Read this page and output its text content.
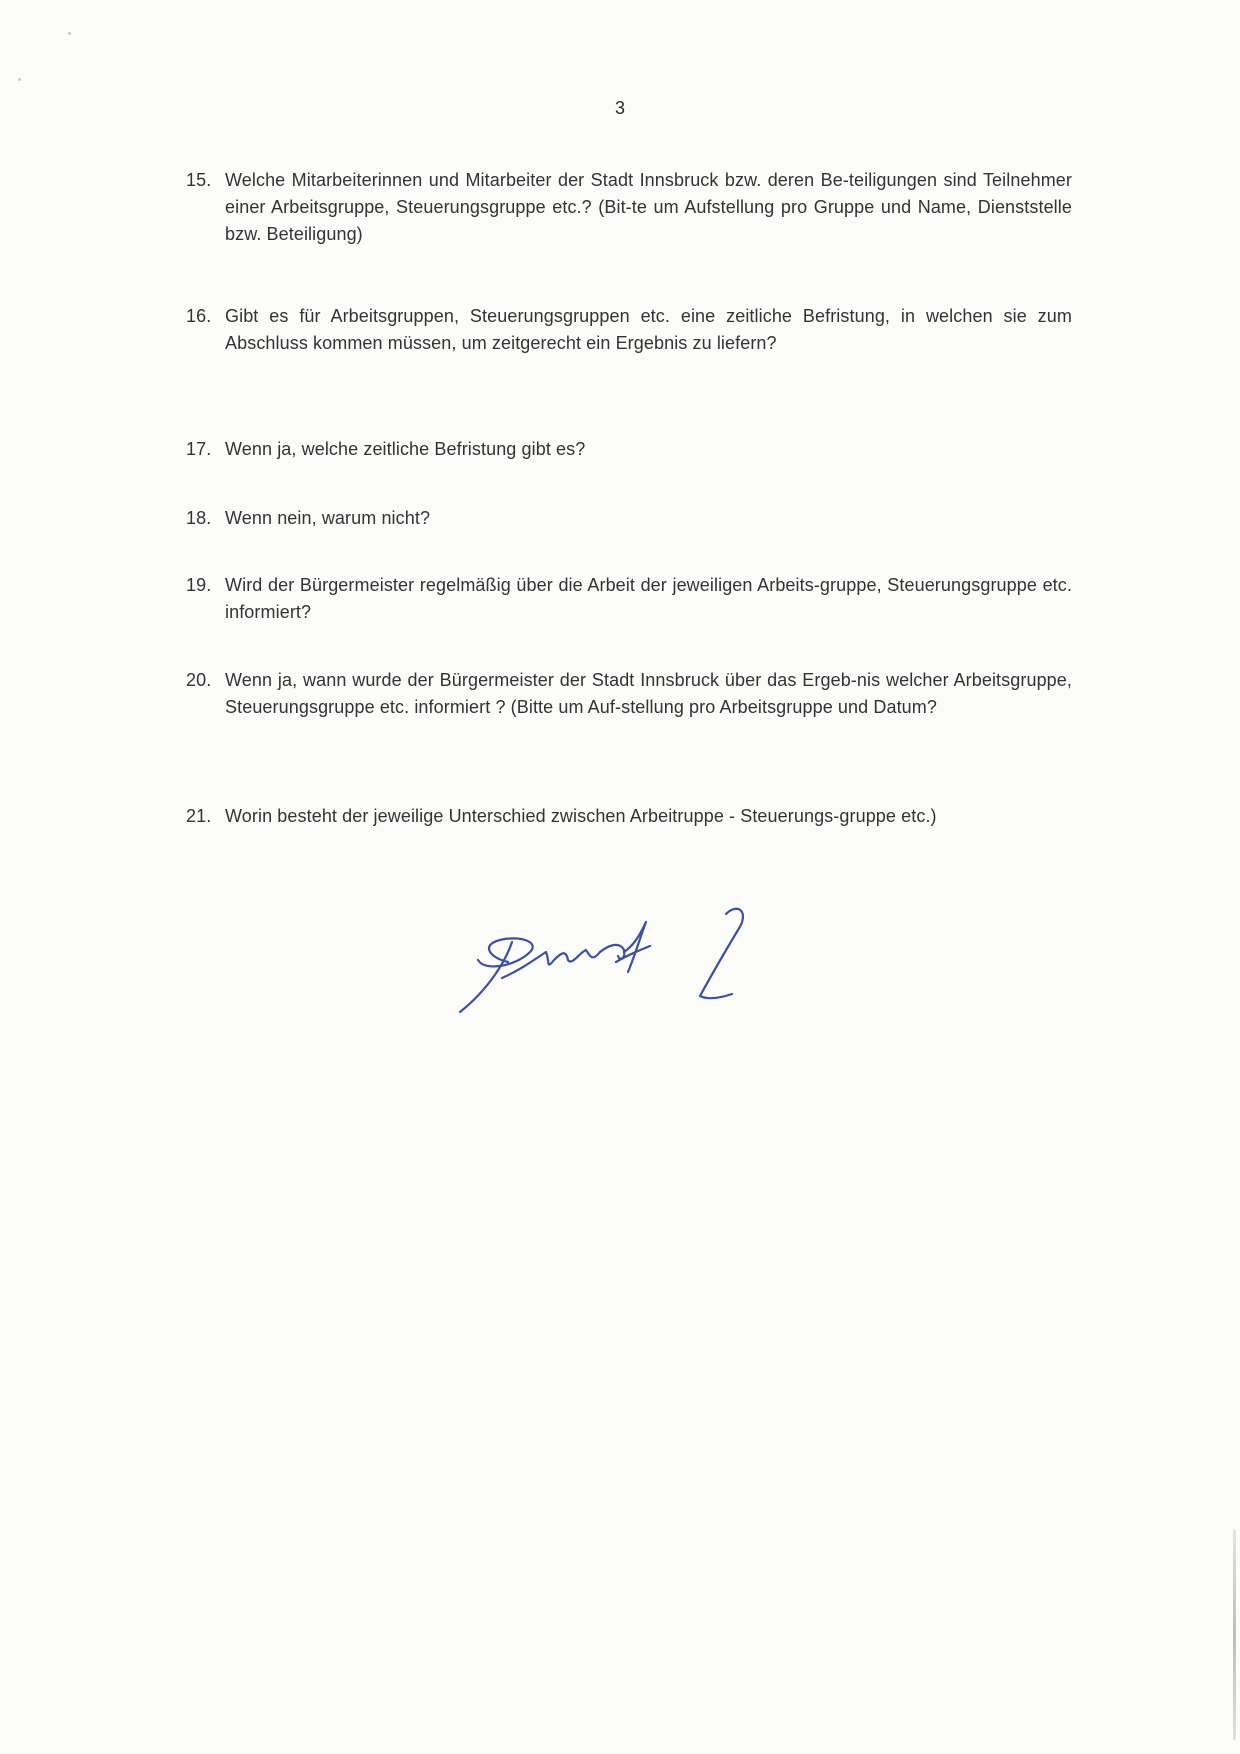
3
15. Welche Mitarbeiterinnen und Mitarbeiter der Stadt Innsbruck bzw. deren Be-teiligungen sind Teilnehmer einer Arbeitsgruppe, Steuerungsgruppe etc.? (Bit-te um Aufstellung pro Gruppe und Name, Dienststelle bzw. Beteiligung)
16. Gibt es für Arbeitsgruppen, Steuerungsgruppen etc. eine zeitliche Befristung, in welchen sie zum Abschluss kommen müssen, um zeitgerecht ein Ergebnis zu liefern?
17. Wenn ja, welche zeitliche Befristung gibt es?
18. Wenn nein, warum nicht?
19. Wird der Bürgermeister regelmäßig über die Arbeit der jeweiligen Arbeits-gruppe, Steuerungsgruppe etc. informiert?
20. Wenn ja, wann wurde der Bürgermeister der Stadt Innsbruck über das Ergeb-nis welcher Arbeitsgruppe, Steuerungsgruppe etc. informiert ? (Bitte um Auf-stellung pro Arbeitsgruppe und Datum?
21. Worin besteht der jeweilige Unterschied zwischen Arbeitruppe - Steuerungs-gruppe etc.)
